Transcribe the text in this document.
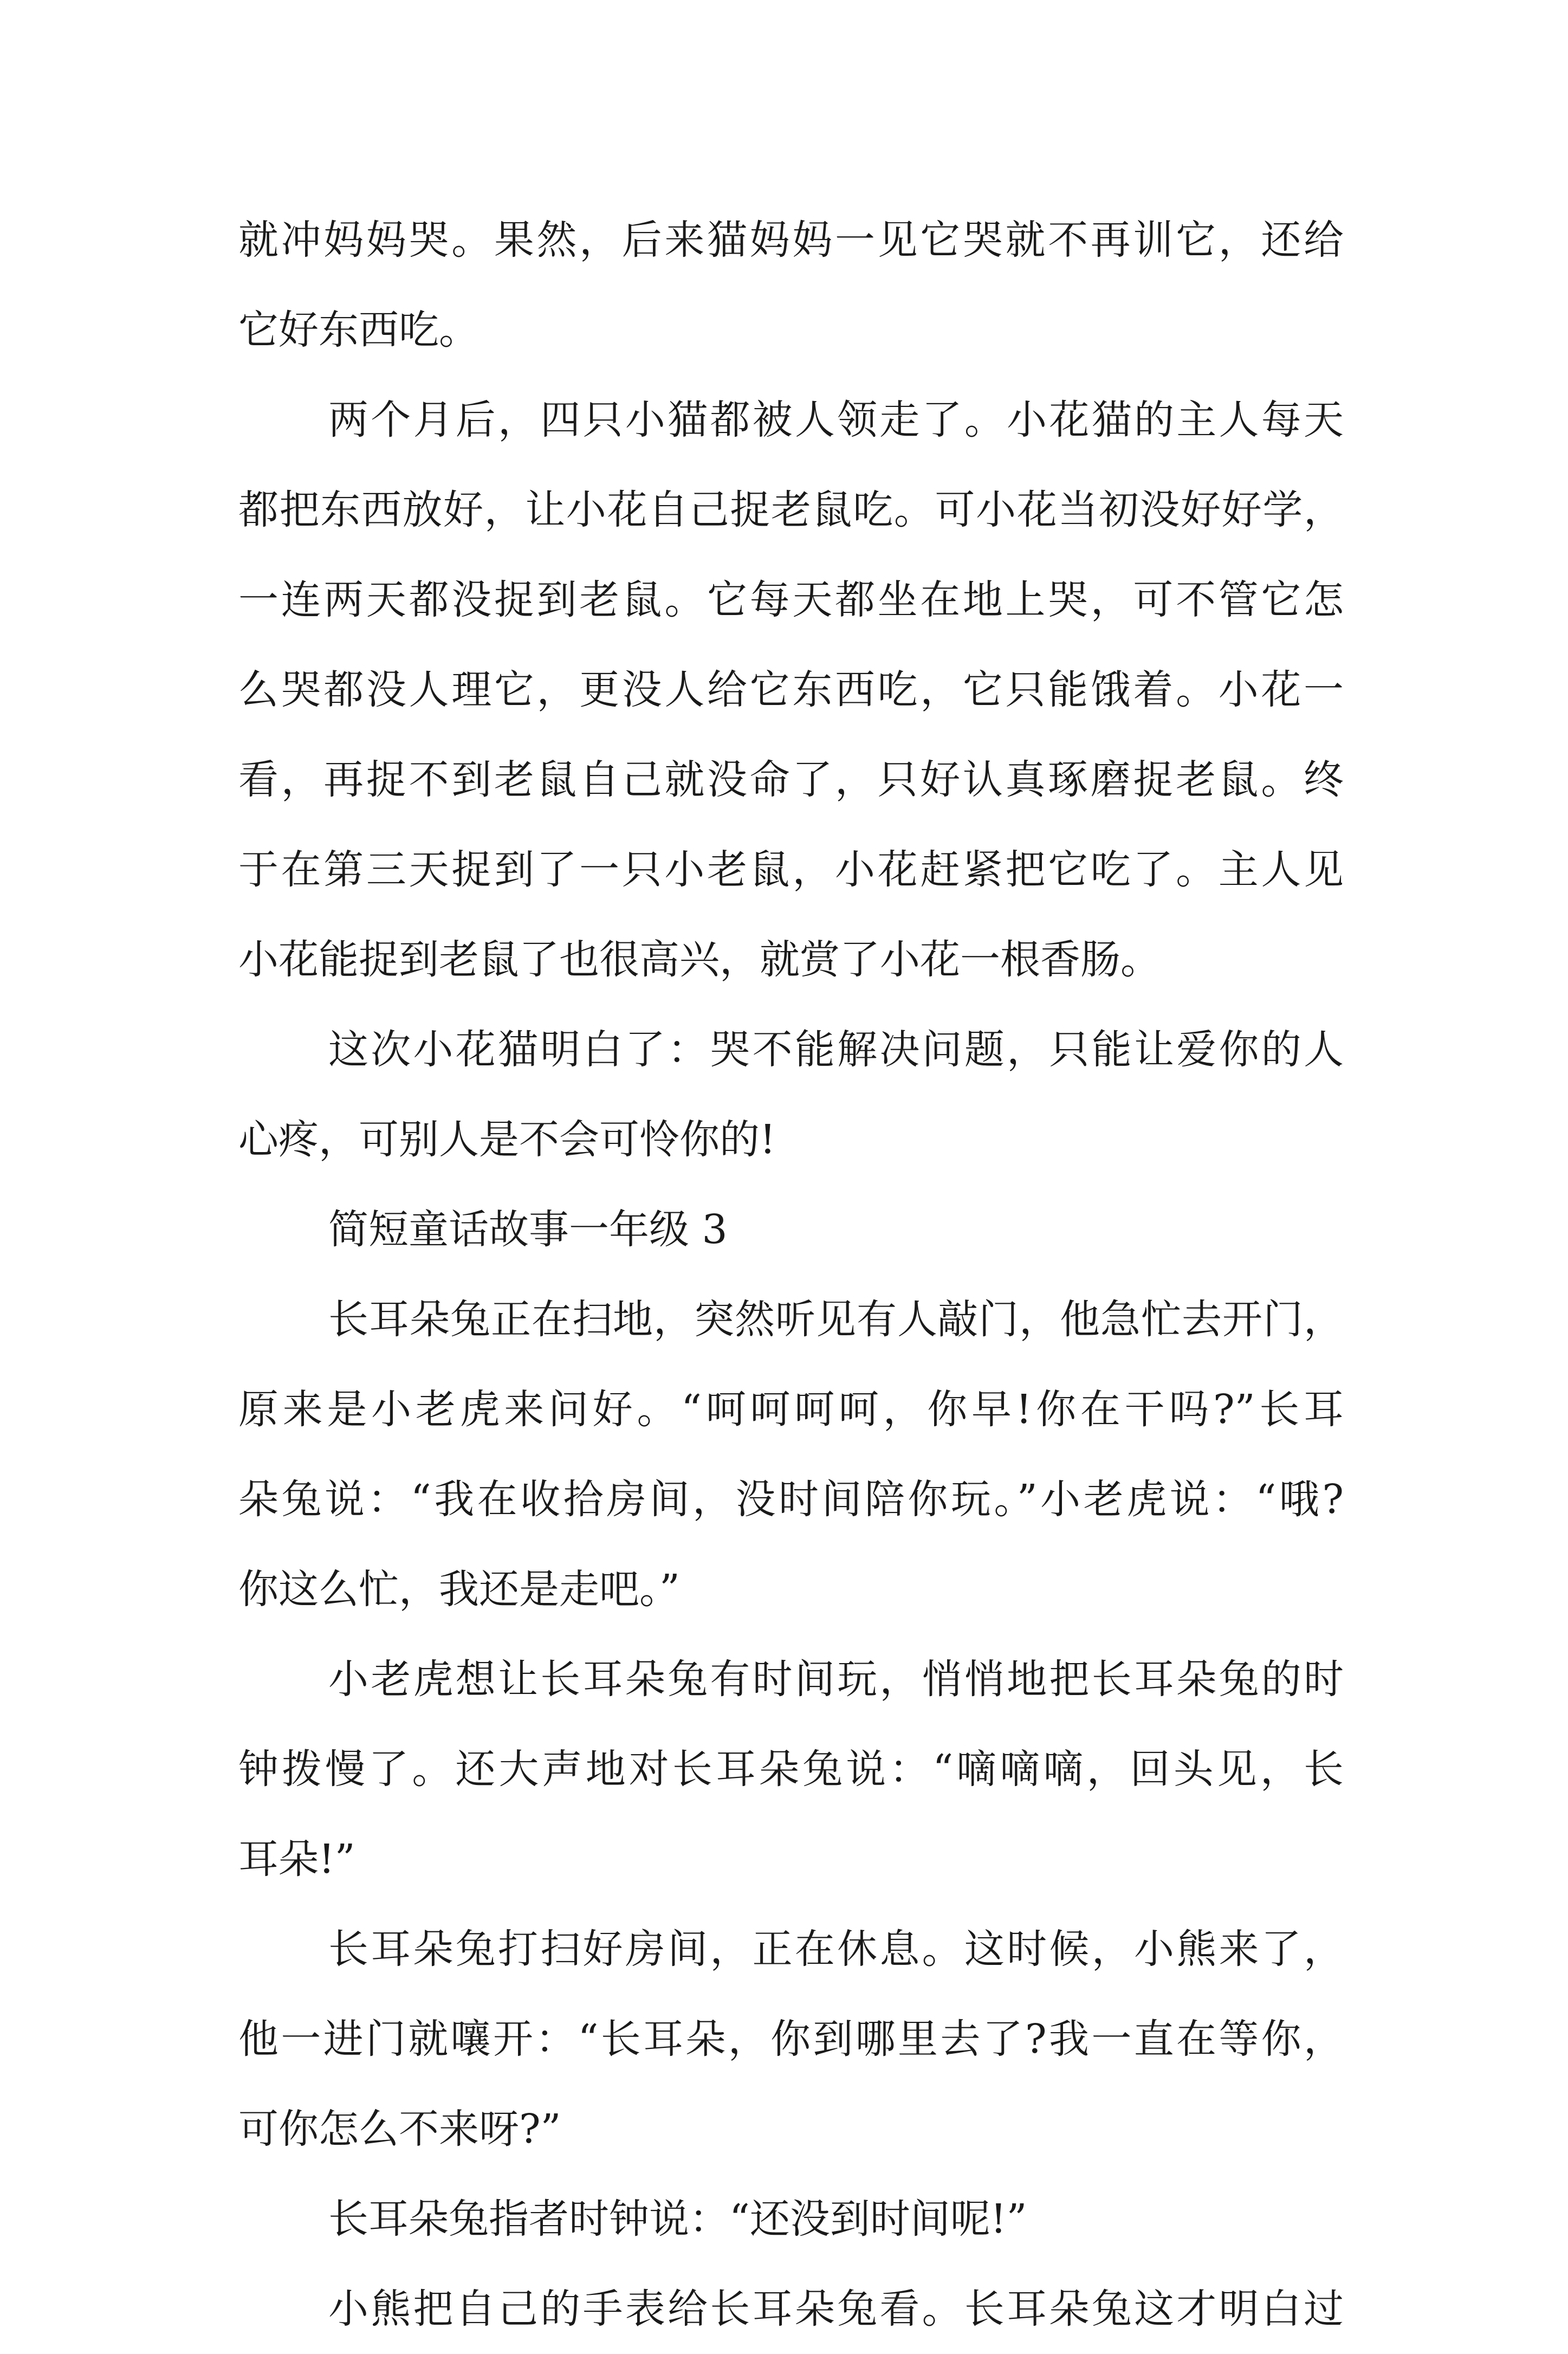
就冲妈妈哭。果然，后来猫妈妈一见它哭就不再训它，还给
它好东西吃。
两个月后，四只小猫都被人领走了。小花猫的主人每天
都把东西放好，让小花自己捉老鼠吃。可小花当初没好好学，
一连两天都没捉到老鼠。它每天都坐在地上哭，可不管它怎
么哭都没人理它，更没人给它东西吃，它只能饿着。小花一
看，再捉不到老鼠自己就没命了，只好认真琢磨捉老鼠。终
于在第三天捉到了一只小老鼠，小花赶紧把它吃了。主人见
小花能捉到老鼠了也很高兴，就赏了小花一根香肠。
这次小花猫明白了：哭不能解决问题，只能让爱你的人
心疼，可别人是不会可怜你的!
简短童话故事一年级 3
长耳朵兔正在扫地，突然听见有人敲门，他急忙去开门，
原来是小老虎来问好。“呵呵呵呵，你早!你在干吗?”长耳
朵兔说：“我在收拾房间，没时间陪你玩。”小老虎说：“哦?
你这么忙，我还是走吧。”
小老虎想让长耳朵兔有时间玩，悄悄地把长耳朵兔的时
钟拨慢了。还大声地对长耳朵兔说：“嘀嘀嘀，回头见，长
耳朵!”
长耳朵兔打扫好房间，正在休息。这时候，小熊来了，
他一进门就嚷开：“长耳朵，你到哪里去了?我一直在等你，
可你怎么不来呀?”
长耳朵兔指者时钟说：“还没到时间呢!”
小熊把自己的手表给长耳朵兔看。长耳朵兔这才明白过
